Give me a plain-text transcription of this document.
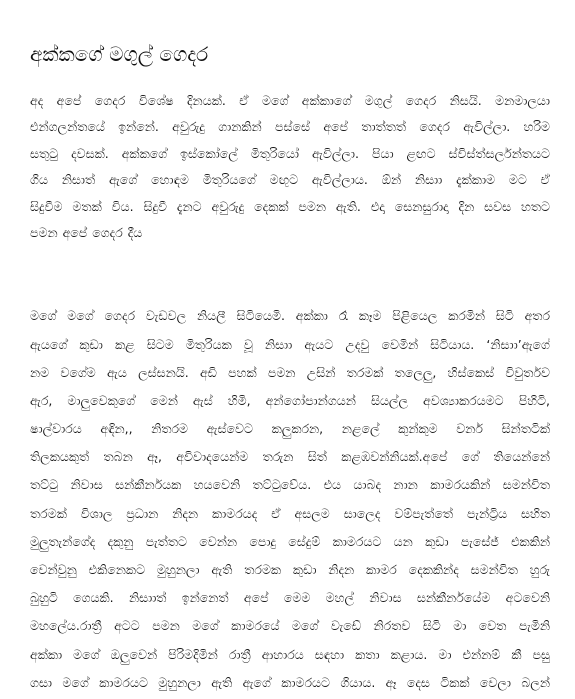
අක්කගේ මගුල් ගෙදර
අද අපේ ගෙදර විශේෂ දිනයක්. ඒ මගේ අක්කාගේ මගුල් ගෙදර නිසයි. මනමාලයා
එන්ගලන්තයේ ඉන්නේ. අවුරුදු ගානකින් පස්සේ අපේ තාත්තත් ගෙදර ඇවිල්ලා. හරිම
සතුටු දවසක්. අක්කගේ ඉස්කෝලේ මිතුරියෝ ඇවිල්ලා. පියා ළඟට ස්විස්ත්සර්ලන්තයට
ගිය නිසාත් ඇගේ හොඳම මිතුරියගේ මඟුට ඇවිල්ලාය. ඕන් නිසාා දැක්කාම මට ඒ
සිදුවීම මතක් විය. සිදුවී දැනට අවුරුදු දෙකක් පමන ඇති. එදා සෙනසුරාදා දින සවස හතට
පමන අපේ ගෙදර දීය
මගේ මගේ ගෙදර වැඩවල නියලී සිටියෙමි. අක්කා රෑ කෑම පිළියෙල කරමින් සිටි අතර
ඇයගේ කුඩා කළ සිටම මිතුරියක වූ නිසාා ඇයට උදවු වෙමින් සිටියාය. ‘නිසාා’ඇගේ
නම වගේම ඇය ලස්සනයි. අඩි පහක් පමන උසින් තරමක් තලෙලු, හිස්කෙස් විවුර්තව
ඇර, මාලුවෙකුගේ මෙන් ඇස් හිමි, අන්ගෝපාන්ගයන් සියල්ල අවශ්‍යාකරයමට පිහිටි,
ෂාල්වාරය අඳින,, නිතරම ඇස්වෙට කලුකරන, නළලේ කුන්කුම වර්න සින්තටික්
තිලකයකුත් තබන ඈ, අවිවාදයෙන්ම තරුන සිත් කළඹවන්නියක්.අපේ ගේ තියෙන්නේ
තට්ටු නිවාස සන්කීර්නයක හයවෙනි තට්ටුවේය. එය යාබද නාන කාමරයකින් සමන්විත
තරමක් විශාල ප්‍රධාන නිදන කාමරයද ඒ අසලම සාලෙද වම්පැත්තේ පැන්ට්‍රිය සහිත
මුලුතැන්ගේද දකුනු පැත්තට වෙන්න පොදු සේදුම් කාමරයට යන කුඩා පැසේජ් එකකින්
වෙන්වුනු එකිනෙකට මුහුනලා ඇති තරමක කුඩා නිදන කාමර දෙකකින්ද සමන්විත හුරු
බුහුටි ගෙයකි. නිසාාත් ඉන්නෙත් අපේ මෙම මහල් නිවාස සන්කීර්නයේම අටවෙනි
මහලේය.රාත්‍රී අටට පමන මගේ කාමරයේ මගේ වැඩේ නිරතව සිටි මා වෙත පැමිනි
අක්කා මගේ ඔලුවෙන් පිරිමදිමින් රාත්‍රී ආහාරය සඳහා කතා කළාය. මා එන්නම් කී පසු
ගසා මගේ කාමරයට මුහුනලා ඇති ඇගේ කාමරයට ගියාය. ඈ දෙස ටිකක් වෙලා බලන්
